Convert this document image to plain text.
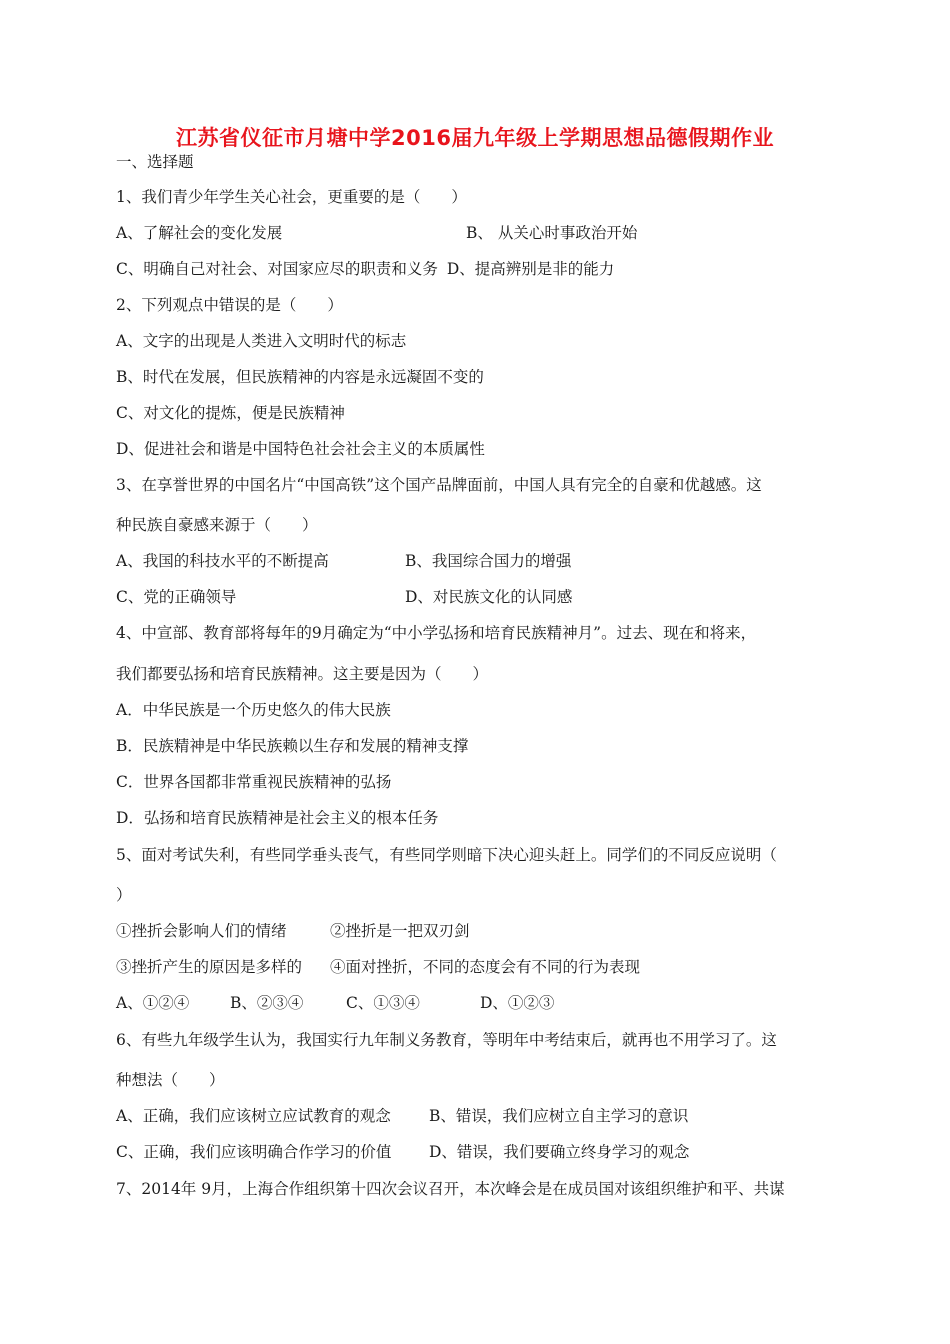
江苏省仪征市月塘中学2016届九年级上学期思想品德假期作业
一、选择题
1、我们青少年学生关心社会，更重要的是（　　）
A、了解社会的变化发展	B、 从关心时事政治开始
C、明确自己对社会、对国家应尽的职责和义务 D、提高辨别是非的能力
2、下列观点中错误的是（　　）
A、文字的出现是人类进入文明时代的标志
B、时代在发展，但民族精神的内容是永远凝固不变的
C、对文化的提炼，便是民族精神
D、促进社会和谐是中国特色社会社会主义的本质属性
3、在享誉世界的中国名片“中国高铁”这个国产品牌面前，中国人具有完全的自豪和优越感。这
种民族自豪感来源于（　　）
A、我国的科技水平的不断提高	B、我国综合国力的增强
C、党的正确领导	D、对民族文化的认同感
4、中宣部、教育部将每年的9月确定为“中小学弘扬和培育民族精神月”。过去、现在和将来，
我们都要弘扬和培育民族精神。这主要是因为（　　）
A．中华民族是一个历史悠久的伟大民族
B．民族精神是中华民族赖以生存和发展的精神支撑
C．世界各国都非常重视民族精神的弘扬
D．弘扬和培育民族精神是社会主义的根本任务
5、面对考试失利，有些同学垂头丧气，有些同学则暗下决心迎头赶上。同学们的不同反应说明（
）
①挫折会影响人们的情绪	②挫折是一把双刃剑
③挫折产生的原因是多样的 ④面对挫折，不同的态度会有不同的行为表现
A、①②④	B、②③④	C、①③④	D、①②③
6、有些九年级学生认为，我国实行九年制义务教育，等明年中考结束后，就再也不用学习了。这
种想法（　　）
A、正确，我们应该树立应试教育的观念 B、错误，我们应树立自主学习的意识
C、正确，我们应该明确合作学习的价值 D、错误，我们要确立终身学习的观念
7、2014年 9月，上海合作组织第十四次会议召开，本次峰会是在成员国对该组织维护和平、共谋
